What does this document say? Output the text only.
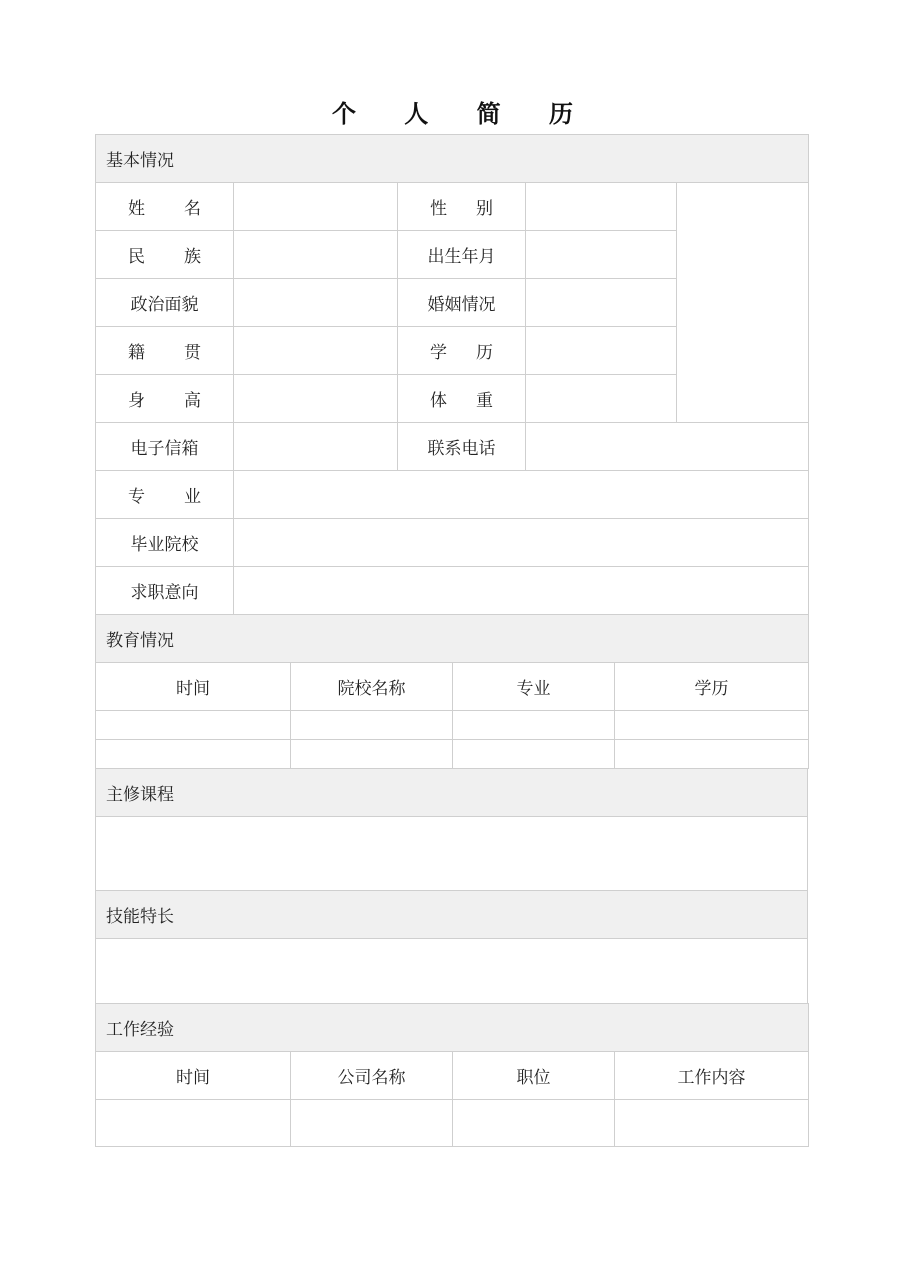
个 人 简 历
基本情况				
姓名		性别		
民族		出生年月		
政治面貌		婚姻情况		
籍贯		学历		
身高		体重		
电子信箱		联系电话		
专业				
毕业院校				
求职意向				
教育情况			
时间	院校名称	专业	学历

主修课程

技能特长

工作经验			
时间	公司名称	职位	工作内容
